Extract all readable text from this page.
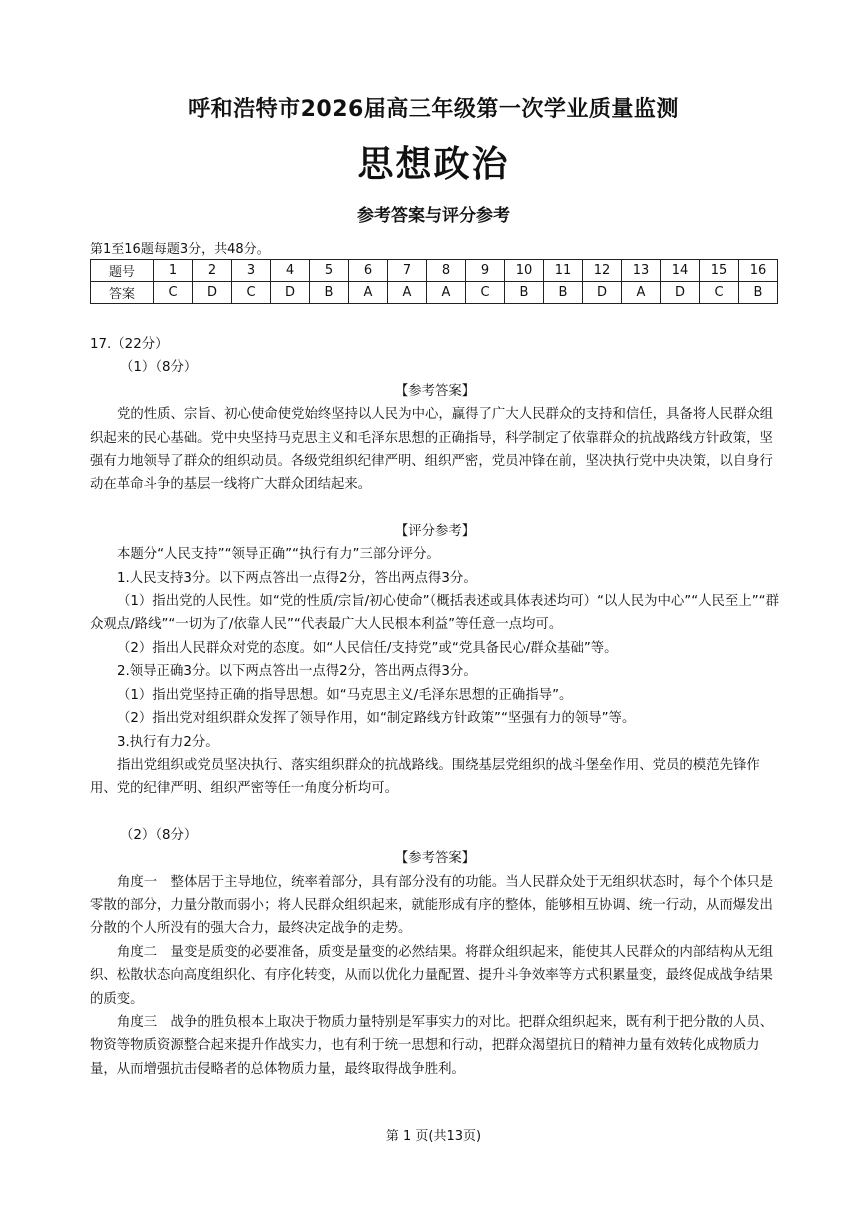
呼和浩特市2026届高三年级第一次学业质量监测
思想政治
参考答案与评分参考
第1至16题每题3分，共48分。
题号	1	2	3	4	5	6	7	8	9	10	11	12	13	14	15	16
答案	C	D	C	D	B	A	A	A	C	B	B	D	A	D	C	B

17.（22分）

（1）（8分）

【参考答案】

党的性质、宗旨、初心使命使党始终坚持以人民为中心，赢得了广大人民群众的支持和信任，具备将人民群众组织起来的民心基础。党中央坚持马克思主义和毛泽东思想的正确指导，科学制定了依靠群众的抗战路线方针政策，坚强有力地领导了群众的组织动员。各级党组织纪律严明、组织严密，党员冲锋在前，坚决执行党中央决策，以自身行动在革命斗争的基层一线将广大群众团结起来。

【评分参考】

本题分“人民支持”“领导正确”“执行有力”三部分评分。

1.人民支持3分。以下两点答出一点得2分，答出两点得3分。

（1）指出党的人民性。如“党的性质/宗旨/初心使命”（概括表述或具体表述均可）“以人民为中心”“人民至上”“群众观点/路线”“一切为了/依靠人民”“代表最广大人民根本利益”等任意一点均可。

（2）指出人民群众对党的态度。如“人民信任/支持党”或“党具备民心/群众基础”等。

2.领导正确3分。以下两点答出一点得2分，答出两点得3分。

（1）指出党坚持正确的指导思想。如“马克思主义/毛泽东思想的正确指导”。

（2）指出党对组织群众发挥了领导作用，如“制定路线方针政策”“坚强有力的领导”等。

3.执行有力2分。

指出党组织或党员坚决执行、落实组织群众的抗战路线。围绕基层党组织的战斗堡垒作用、党员的模范先锋作用、党的纪律严明、组织严密等任一角度分析均可。

（2）（8分）

【参考答案】

角度一　整体居于主导地位，统率着部分，具有部分没有的功能。当人民群众处于无组织状态时，每个个体只是零散的部分，力量分散而弱小；将人民群众组织起来，就能形成有序的整体，能够相互协调、统一行动，从而爆发出分散的个人所没有的强大合力，最终决定战争的走势。

角度二　量变是质变的必要准备，质变是量变的必然结果。将群众组织起来，能使其人民群众的内部结构从无组织、松散状态向高度组织化、有序化转变，从而以优化力量配置、提升斗争效率等方式积累量变，最终促成战争结果的质变。

角度三　战争的胜负根本上取决于物质力量特别是军事实力的对比。把群众组织起来，既有利于把分散的人员、物资等物质资源整合起来提升作战实力，也有利于统一思想和行动，把群众渴望抗日的精神力量有效转化成物质力量，从而增强抗击侵略者的总体物质力量，最终取得战争胜利。

第 1 页(共13页)
